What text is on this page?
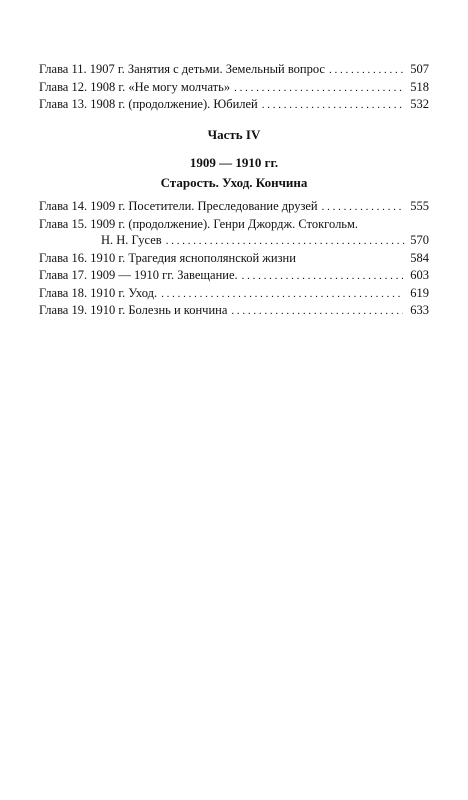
Глава 11. 1907 г. Занятия с детьми. Земельный вопрос . . .	507
Глава 12. 1908 г. «Не могу молчать» . . .	518
Глава 13. 1908 г. (продолжение). Юбилей . . .	532
Часть IV
1909 — 1910 гг.
Старость. Уход. Кончина
Глава 14. 1909 г. Посетители. Преследование друзей . . .	555
Глава 15. 1909 г. (продолжение). Генри Джордж. Стокгольм.
Н. Н. Гусев . . .	570
Глава 16. 1910 г. Трагедия яснополянской жизни	584
Глава 17. 1909 — 1910 гг. Завещание. . . .	603
Глава 18. 1910 г. Уход. . . .	619
Глава 19. 1910 г. Болезнь и кончина . . .	633
